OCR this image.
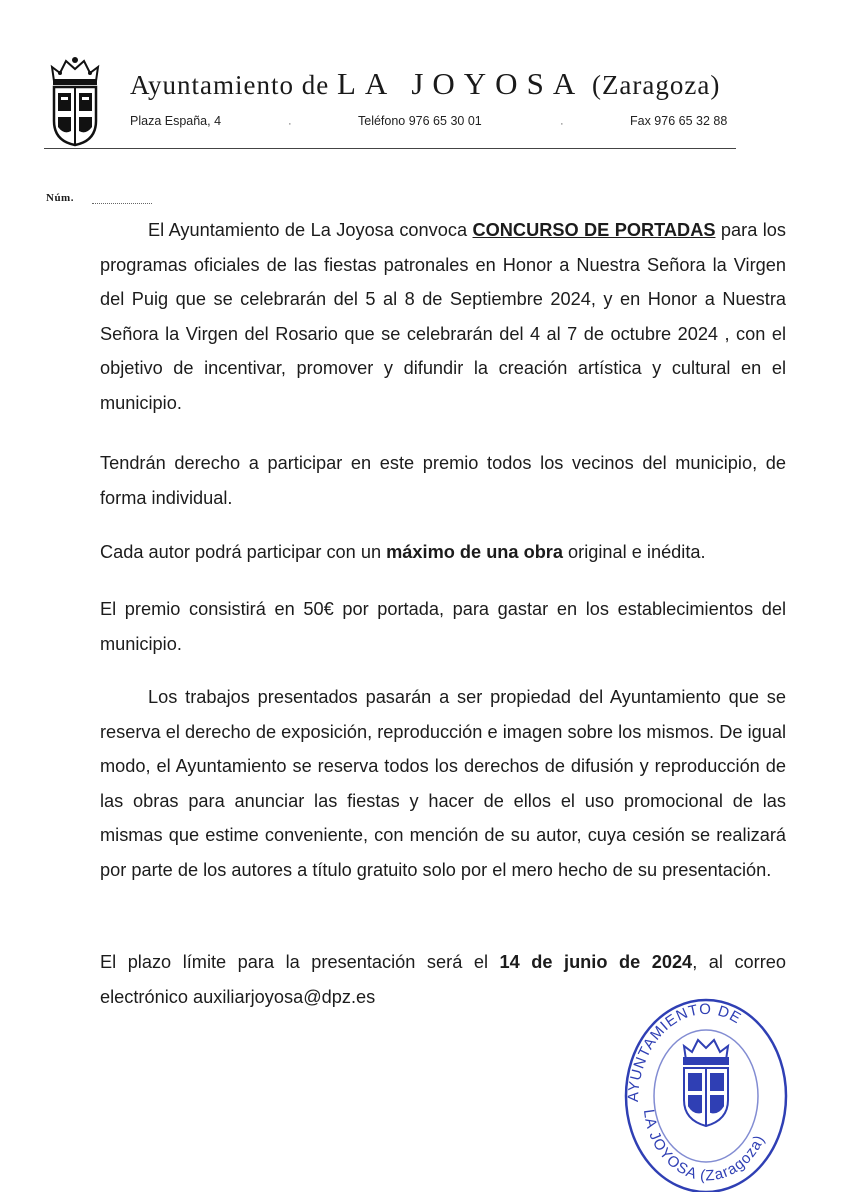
Ayuntamiento de LA JOYOSA (Zaragoza)
Plaza España, 4	·	Teléfono 976 65 30 01	·	Fax 976 65 32 88
Núm.

El Ayuntamiento de La Joyosa convoca CONCURSO DE PORTADAS para los programas oficiales de las fiestas patronales en Honor a Nuestra Señora la Virgen del Puig que se celebrarán del 5 al 8 de Septiembre 2024, y en Honor a Nuestra Señora la Virgen del Rosario que se celebrarán del 4 al 7 de octubre 2024 , con el objetivo de incentivar, promover y difundir la creación artística y cultural en el municipio.

Tendrán derecho a participar en este premio todos los vecinos del municipio, de forma individual.

Cada autor podrá participar con un máximo de una obra original e inédita.

El premio consistirá en 50€ por portada, para gastar en los establecimientos del municipio.

Los trabajos presentados pasarán a ser propiedad del Ayuntamiento que se reserva el derecho de exposición, reproducción e imagen sobre los mismos. De igual modo, el Ayuntamiento se reserva todos los derechos de difusión y reproducción de las obras para anunciar las fiestas y hacer de ellos el uso promocional de las mismas que estime conveniente, con mención de su autor, cuya cesión se realizará por parte de los autores a título gratuito solo por el mero hecho de su presentación.

El plazo límite para la presentación será el 14 de junio de 2024, al correo electrónico auxiliarjoyosa@dpz.es

AYUNTAMIENTO DE
LA JOYOSA (Zaragoza)
